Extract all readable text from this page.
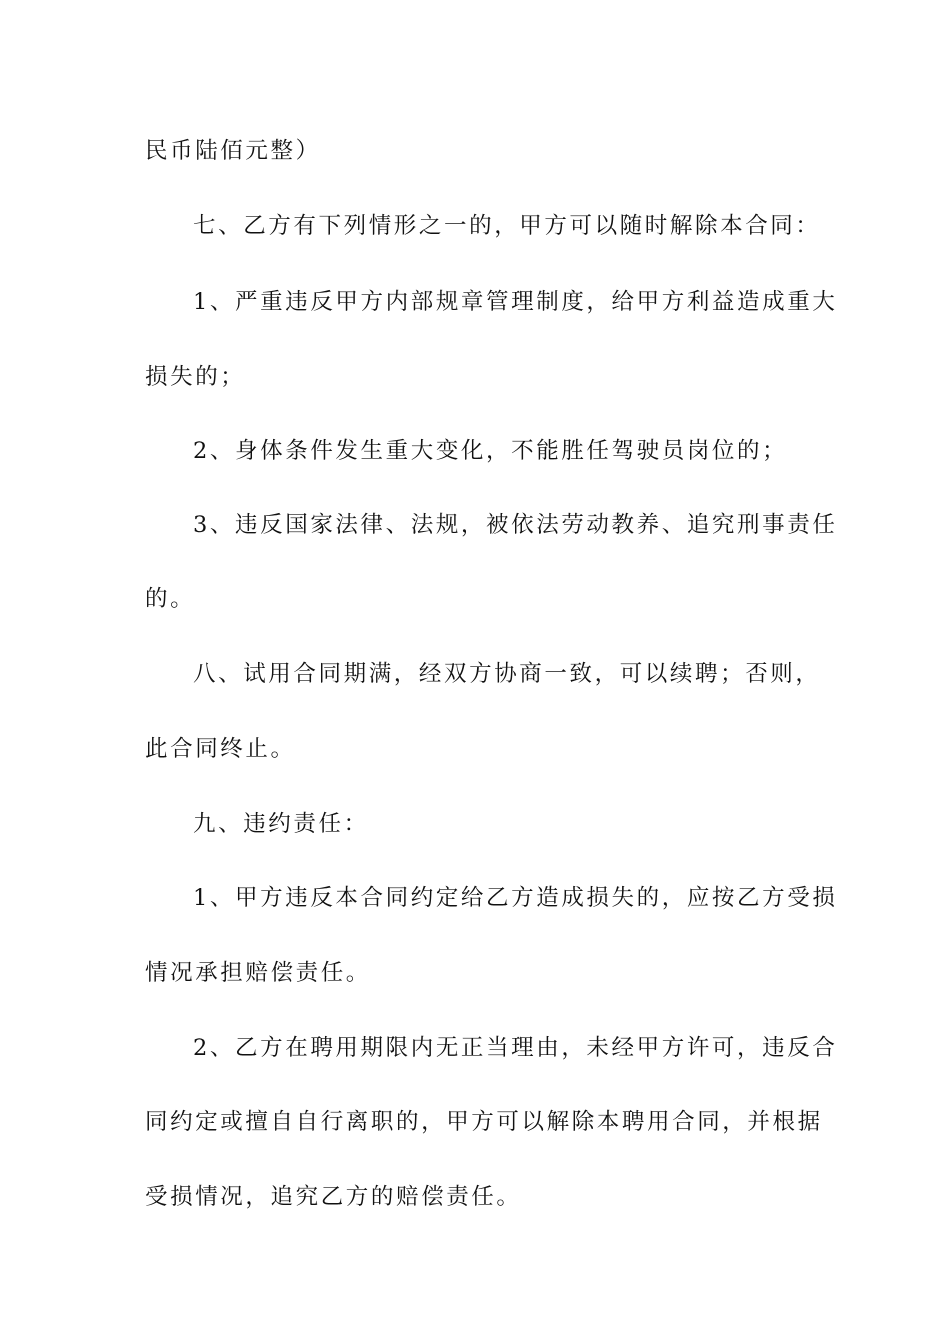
民币陆佰元整）
七、乙方有下列情形之一的，甲方可以随时解除本合同：
1、严重违反甲方内部规章管理制度，给甲方利益造成重大
损失的；
2、身体条件发生重大变化，不能胜任驾驶员岗位的；
3、违反国家法律、法规，被依法劳动教养、追究刑事责任
的。
八、试用合同期满，经双方协商一致，可以续聘；否则，
此合同终止。
九、违约责任：
1、甲方违反本合同约定给乙方造成损失的，应按乙方受损
情况承担赔偿责任。
2、乙方在聘用期限内无正当理由，未经甲方许可，违反合
同约定或擅自自行离职的，甲方可以解除本聘用合同，并根据
受损情况，追究乙方的赔偿责任。
